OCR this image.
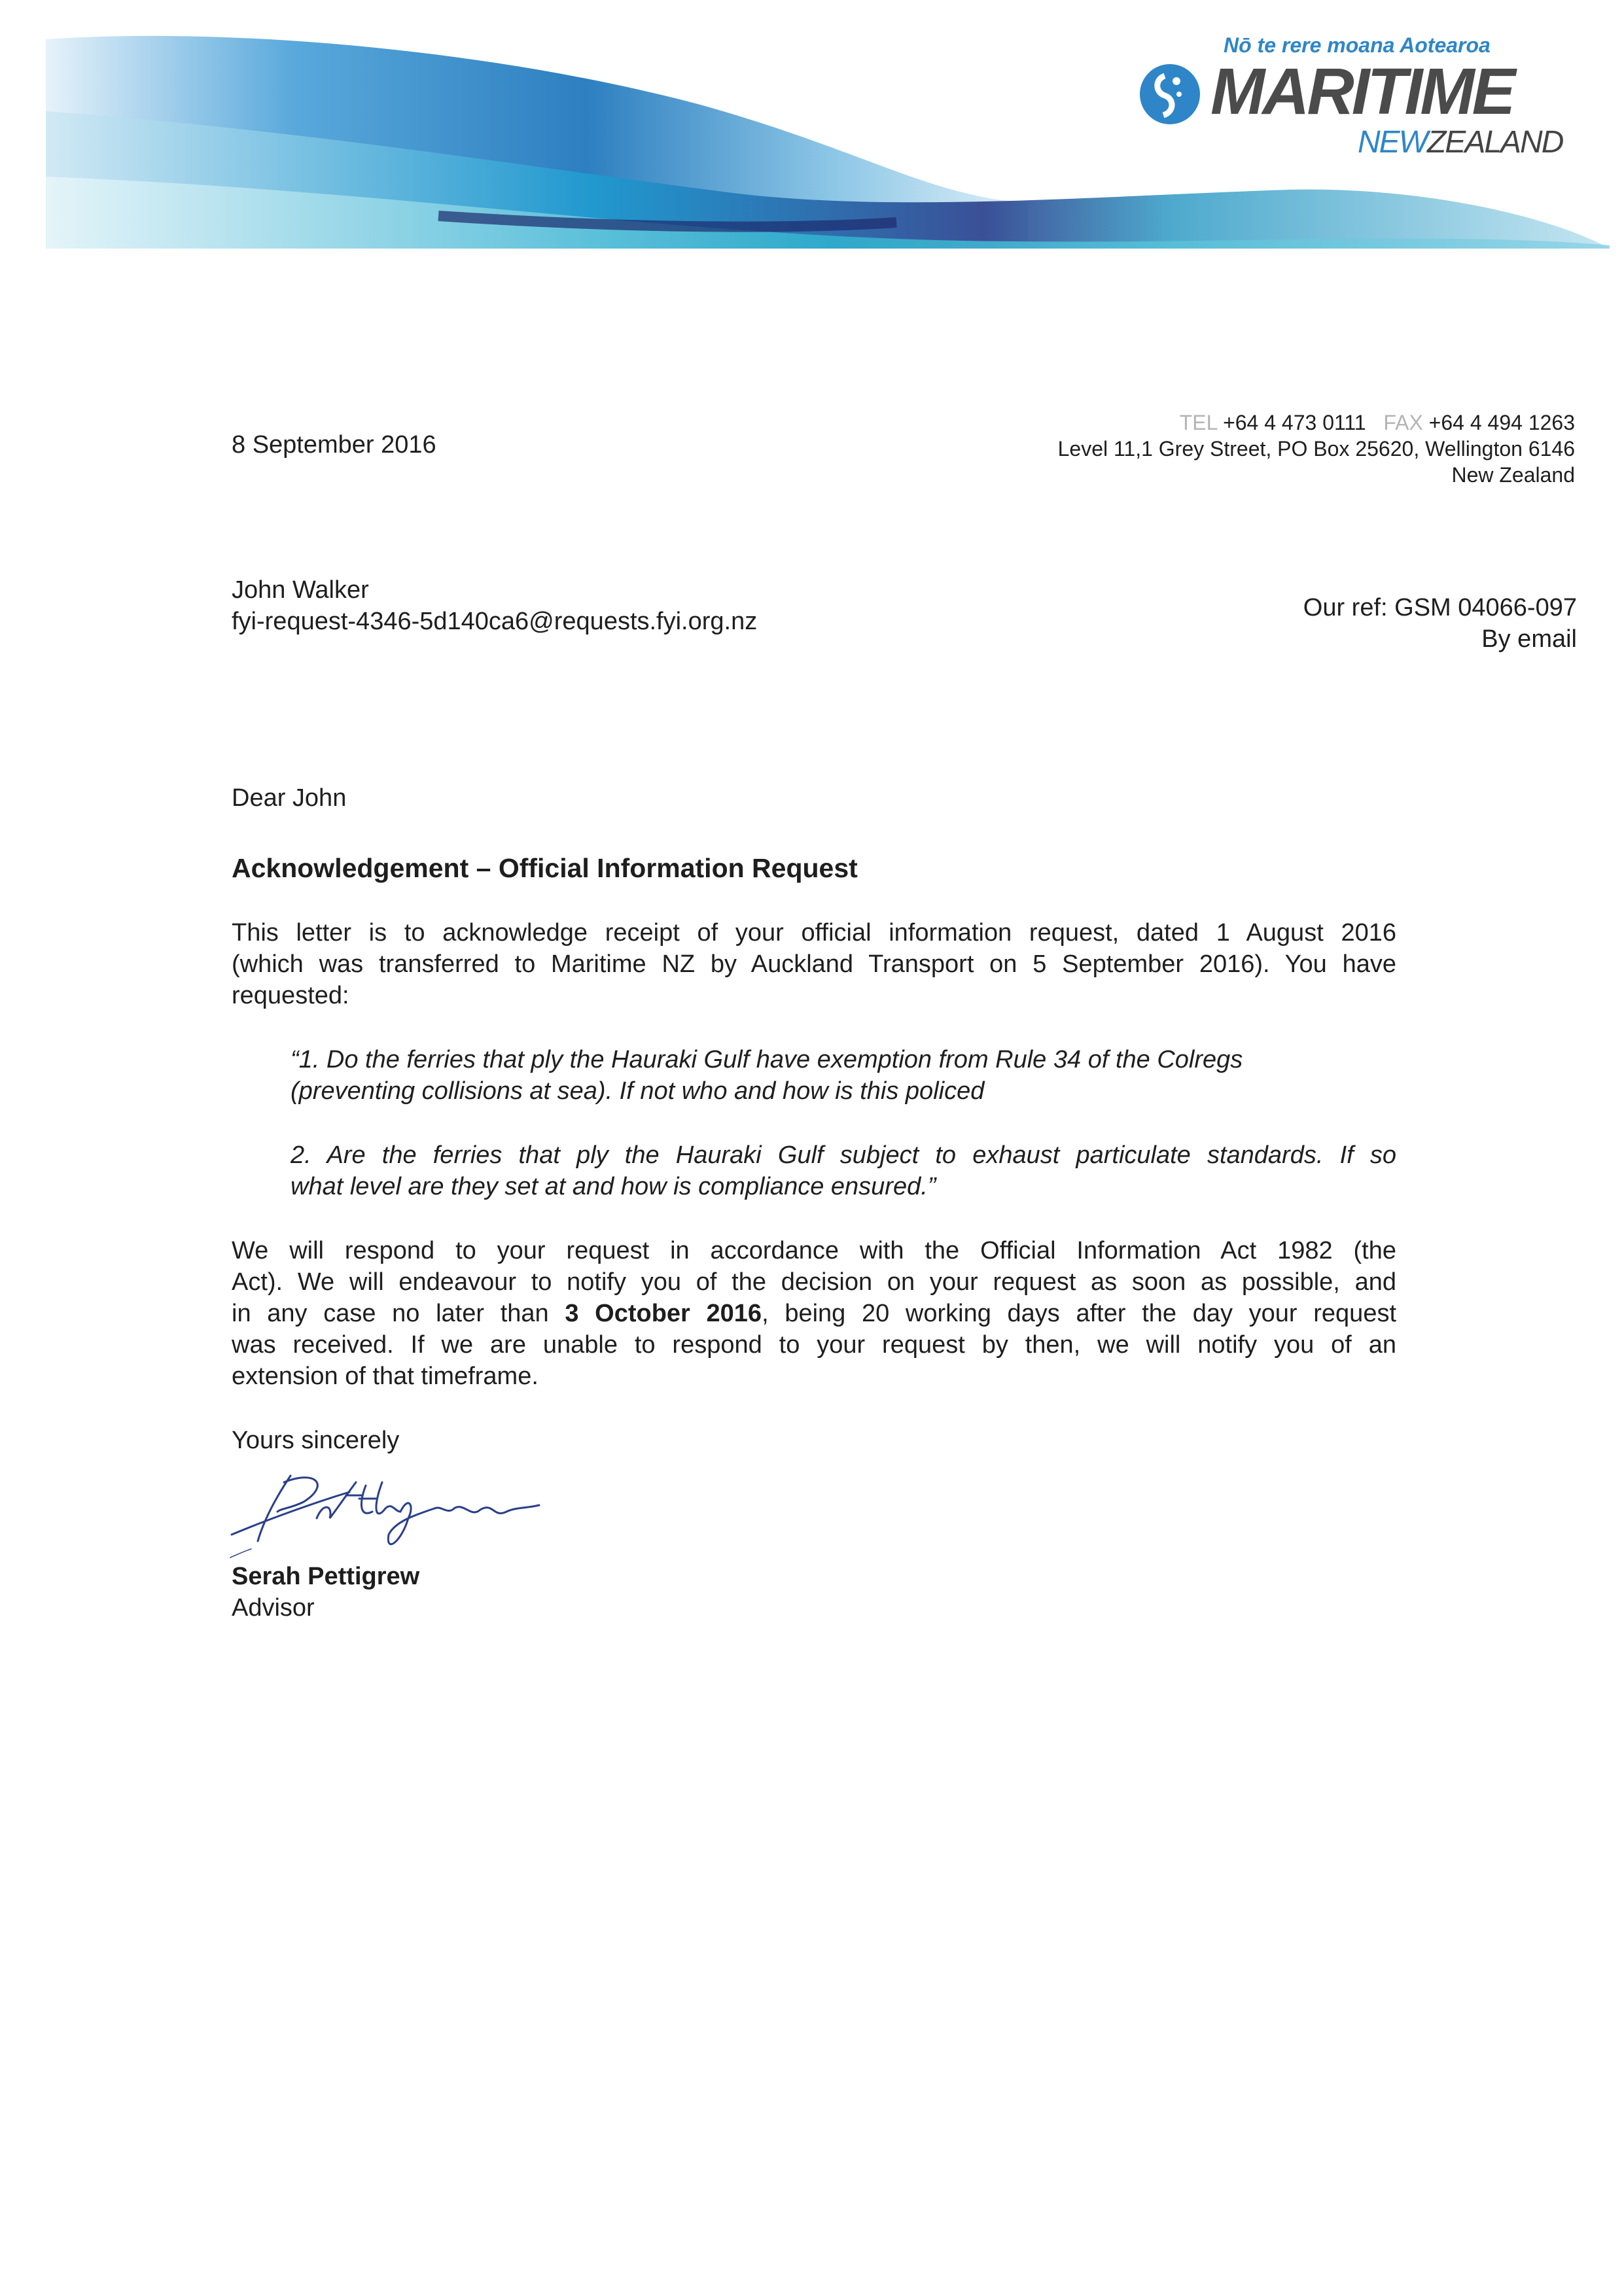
Nō te rere moana Aotearoa
MARITIME
NEWZEALAND
TEL +64 4 473 0111 FAX +64 4 494 1263
Level 11,1 Grey Street, PO Box 25620, Wellington 6146
New Zealand
8 September 2016
John Walker
fyi-request-4346-5d140ca6@requests.fyi.org.nz	Our ref: GSM 04066-097
By email
Dear John
Acknowledgement – Official Information Request
This letter is to acknowledge receipt of your official information request, dated 1 August 2016
(which was transferred to Maritime NZ by Auckland Transport on 5 September 2016). You have
requested:
“1. Do the ferries that ply the Hauraki Gulf have exemption from Rule 34 of the Colregs
(preventing collisions at sea). If not who and how is this policed
2. Are the ferries that ply the Hauraki Gulf subject to exhaust particulate standards. If so
what level are they set at and how is compliance ensured.”
We will respond to your request in accordance with the Official Information Act 1982 (the
Act). We will endeavour to notify you of the decision on your request as soon as possible, and
in any case no later than 3 October 2016, being 20 working days after the day your request
was received. If we are unable to respond to your request by then, we will notify you of an
extension of that timeframe.
Yours sincerely
Serah Pettigrew
Advisor
